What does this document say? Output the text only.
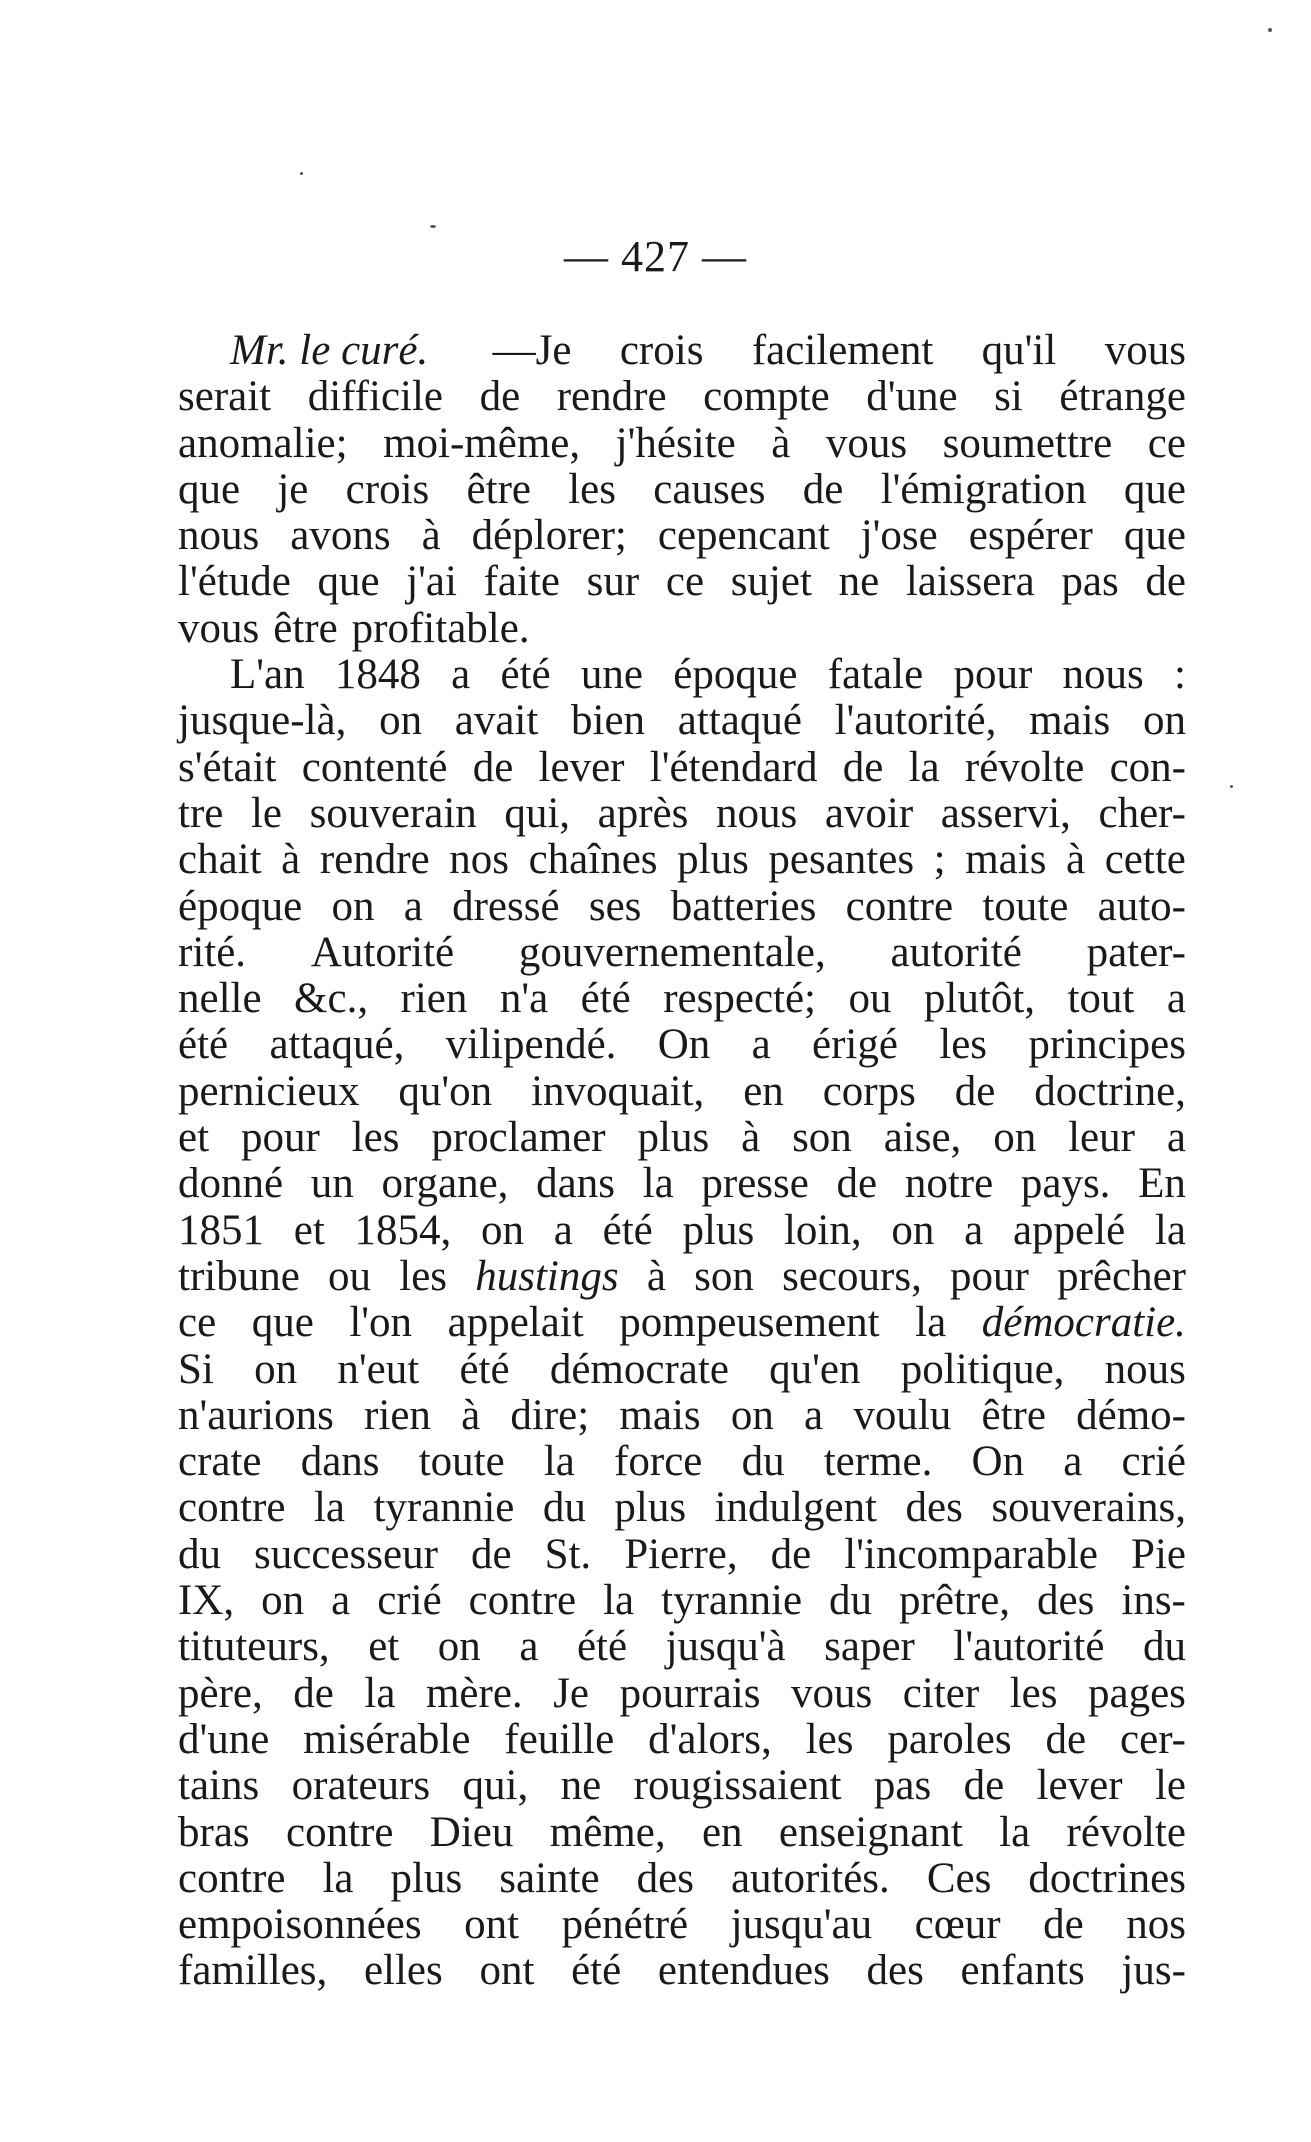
— 427 —
Mr. le curé. —Je crois facilement qu'il vous
serait difficile de rendre compte d'une si étrange
anomalie; moi-même, j'hésite à vous soumettre ce
que je crois être les causes de l'émigration que
nous avons à déplorer; cepencant j'ose espérer que
l'étude que j'ai faite sur ce sujet ne laissera pas de
vous être profitable.
L'an 1848 a été une époque fatale pour nous :
jusque-là, on avait bien attaqué l'autorité, mais on
s'était contenté de lever l'étendard de la révolte con-
tre le souverain qui, après nous avoir asservi, cher-
chait à rendre nos chaînes plus pesantes ; mais à cette
époque on a dressé ses batteries contre toute auto-
rité. Autorité gouvernementale, autorité pater-
nelle &c., rien n'a été respecté; ou plutôt, tout a
été attaqué, vilipendé. On a érigé les principes
pernicieux qu'on invoquait, en corps de doctrine,
et pour les proclamer plus à son aise, on leur a
donné un organe, dans la presse de notre pays. En
1851 et 1854, on a été plus loin, on a appelé la
tribune ou les hustings à son secours, pour prêcher
ce que l'on appelait pompeusement la démocratie.
Si on n'eut été démocrate qu'en politique, nous
n'aurions rien à dire; mais on a voulu être démo-
crate dans toute la force du terme. On a crié
contre la tyrannie du plus indulgent des souverains,
du successeur de St. Pierre, de l'incomparable Pie
IX, on a crié contre la tyrannie du prêtre, des ins-
tituteurs, et on a été jusqu'à saper l'autorité du
père, de la mère. Je pourrais vous citer les pages
d'une misérable feuille d'alors, les paroles de cer-
tains orateurs qui, ne rougissaient pas de lever le
bras contre Dieu même, en enseignant la révolte
contre la plus sainte des autorités. Ces doctrines
empoisonnées ont pénétré jusqu'au cœur de nos
familles, elles ont été entendues des enfants jus-
